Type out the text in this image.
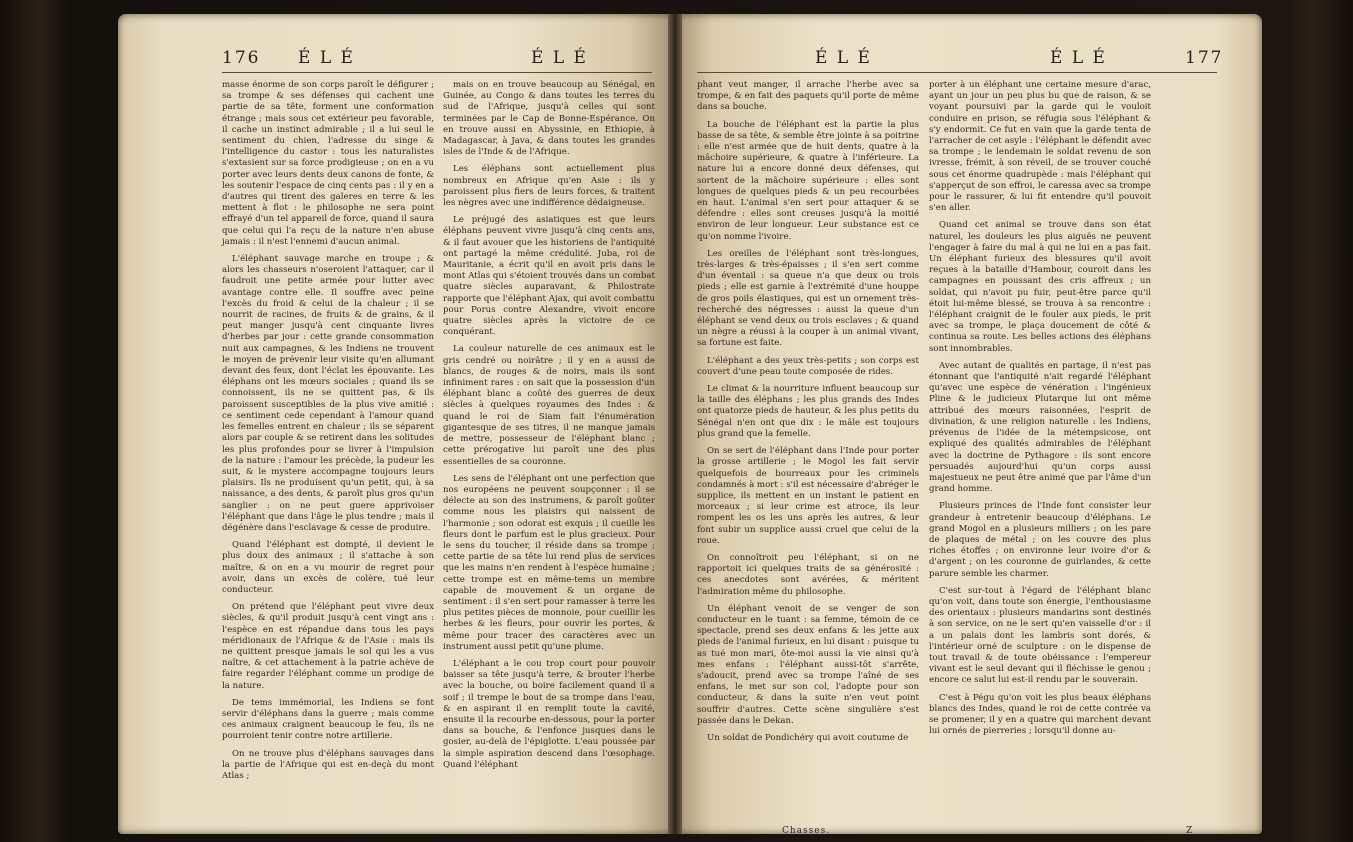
176 É L É	É L É	É L É	É L É	177

masse énorme de son corps paroît le défigurer ; sa trompe & ses défenses qui cachent une partie de sa tête, forment une conformation étrange ; mais sous cet extérieur peu favorable, il cache un instinct admirable ; il a lui seul le sentiment du chien, l'adresse du singe & l'intelligence du castor : tous les naturalistes s'extasient sur sa force prodigieuse ; on en a vu porter avec leurs dents deux canons de fonte, & les soutenir l'espace de cinq cents pas : il y en a d'autres qui tirent des galeres en terre & les mettent à flot : le philosophe ne sera point effrayé d'un tel appareil de force, quand il saura que celui qui l'a reçu de la nature n'en abuse jamais : il n'est l'ennemi d'aucun animal.

L'éléphant sauvage marche en troupe ; & alors les chasseurs n'oseroient l'attaquer, car il faudroit une petite armée pour lutter avec avantage contre elle. Il souffre avec peine l'excès du froid & celui de la chaleur ; il se nourrit de racines, de fruits & de grains, & il peut manger jusqu'à cent cinquante livres d'herbes par jour : cette grande consommation nuit aux campagnes, & les Indiens ne trouvent le moyen de prévenir leur visite qu'en allumant devant des feux, dont l'éclat les épouvante. Les éléphans ont les mœurs sociales ; quand ils se connoissent, ils ne se quittent pas, & ils paroissent susceptibles de la plus vive amitié : ce sentiment cede cependant à l'amour quand les femelles entrent en chaleur ; ils se séparent alors par couple & se retirent dans les solitudes les plus profondes pour se livrer à l'impulsion de la nature : l'amour les précède, la pudeur les suit, & le mystere accompagne toujours leurs plaisirs. Ils ne produisent qu'un petit, qui, à sa naissance, a des dents, & paroît plus gros qu'un sanglier : on ne peut guere apprivoiser l'éléphant que dans l'âge le plus tendre ; mais il dégénère dans l'esclavage & cesse de produire.

Quand l'éléphant est dompté, il devient le plus doux des animaux ; il s'attache à son maître, & on en a vu mourir de regret pour avoir, dans un excès de colère, tué leur conducteur.

On prétend que l'éléphant peut vivre deux siècles, & qu'il produit jusqu'à cent vingt ans : l'espèce en est répandue dans tous les pays méridionaux de l'Afrique & de l'Asie : mais ils ne quittent presque jamais le sol qui les a vus naître, & cet attachement à la patrie achève de faire regarder l'éléphant comme un prodige de la nature.

De tems immémorial, les Indiens se font servir d'éléphans dans la guerre ; mais comme ces animaux craignent beaucoup le feu, ils ne pourroient tenir contre notre artillerie.

On ne trouve plus d'éléphans sauvages dans la partie de l'Afrique qui est en-deçà du mont Atlas ;

mais on en trouve beaucoup au Sénégal, en Guinée, au Congo & dans toutes les terres du sud de l'Afrique, jusqu'à celles qui sont terminées par le Cap de Bonne-Espérance. On en trouve aussi en Abyssinie, en Ethiopie, à Madagascar, à Java, & dans toutes les grandes isles de l'Inde & de l'Afrique.

Les éléphans sont actuellement plus nombreux en Afrique qu'en Asie : ils y paroissent plus fiers de leurs forces, & traitent les nègres avec une indifférence dédaigneuse.

Le préjugé des asiatiques est que leurs éléphans peuvent vivre jusqu'à cinq cents ans, & il faut avouer que les historiens de l'antiquité ont partagé la même crédulité. Juba, roi de Mauritanie, a écrit qu'il en avoit pris dans le mont Atlas qui s'étoient trouvés dans un combat quatre siècles auparavant, & Philostrate rapporte que l'éléphant Ajax, qui avoit combattu pour Porus contre Alexandre, vivoit encore quatre siècles après la victoire de ce conquérant.

La couleur naturelle de ces animaux est le gris cendré ou noirâtre ; il y en a aussi de blancs, de rouges & de noirs, mais ils sont infiniment rares : on sait que la possession d'un éléphant blanc a coûté des guerres de deux siècles à quelques royaumes des Indes : & quand le roi de Siam fait l'énumération gigantesque de ses titres, il ne manque jamais de mettre, possesseur de l'éléphant blanc ; cette prérogative lui paroît une des plus essentielles de sa couronne.

Les sens de l'éléphant ont une perfection que nos européens ne peuvent soupçonner : il se délecte au son des instrumens, & paroît goûter comme nous les plaisirs qui naissent de l'harmonie ; son odorat est exquis ; il cueille les fleurs dont le parfum est le plus gracieux. Pour le sens du toucher, il réside dans sa trompe ; cette partie de sa tête lui rend plus de services que les mains n'en rendent à l'espèce humaine ; cette trompe est en même-tems un membre capable de mouvement & un organe de sentiment : il s'en sert pour ramasser à terre les plus petites pièces de monnoie, pour cueillir les herbes & les fleurs, pour ouvrir les portes, & même pour tracer des caractères avec un instrument aussi petit qu'une plume.

L'éléphant a le cou trop court pour pouvoir baisser sa tête jusqu'à terre, & brouter l'herbe avec la bouche, ou boire facilement quand il a soif ; il trempe le bout de sa trompe dans l'eau, & en aspirant il en remplit toute la cavité, ensuite il la recourbe en-dessous, pour la porter dans sa bouche, & l'enfonce jusques dans le gosier, au-delà de l'épiglotte. L'eau poussée par la simple aspiration descend dans l'œsophage. Quand l'éléphant

phant veut manger, il arrache l'herbe avec sa trompe, & en fait des paquets qu'il porte de même dans sa bouche.

La bouche de l'éléphant est la partie la plus basse de sa tête, & semble être jointe à sa poitrine : elle n'est armée que de huit dents, quatre à la mâchoire supérieure, & quatre à l'inférieure. La nature lui a encore donné deux défenses, qui sortent de la mâchoire supérieure : elles sont longues de quelques pieds & un peu recourbées en haut. L'animal s'en sert pour attaquer & se défendre : elles sont creuses jusqu'à la moitié environ de leur longueur. Leur substance est ce qu'on nomme l'ivoire.

Les oreilles de l'éléphant sont très-longues, très-larges & très-épaisses ; il s'en sert comme d'un éventail : sa queue n'a que deux ou trois pieds ; elle est garnie à l'extrémité d'une houppe de gros poils élastiques, qui est un ornement très-recherché des négresses : aussi la queue d'un éléphant se vend deux ou trois esclaves ; & quand un nègre a réussi à la couper à un animal vivant, sa fortune est faite.

L'éléphant a des yeux très-petits ; son corps est couvert d'une peau toute composée de rides.

Le climat & la nourriture influent beaucoup sur la taille des éléphans ; les plus grands des Indes ont quatorze pieds de hauteur, & les plus petits du Sénégal n'en ont que dix : le mâle est toujours plus grand que la femelle.

On se sert de l'éléphant dans l'Inde pour porter la grosse artillerie ; le Mogol les fait servir quelquefois de bourreaux pour les criminels condamnés à mort : s'il est nécessaire d'abréger le supplice, ils mettent en un instant le patient en morceaux ; si leur crime est atroce, ils leur rompent les os les uns après les autres, & leur font subir un supplice aussi cruel que celui de la roue.

On connoîtroit peu l'éléphant, si on ne rapportoit ici quelques traits de sa générosité : ces anecdotes sont avérées, & méritent l'admiration même du philosophe.

Un éléphant venoit de se venger de son conducteur en le tuant : sa femme, témoin de ce spectacle, prend ses deux enfans & les jette aux pieds de l'animal furieux, en lui disant : puisque tu as tué mon mari, ôte-moi aussi la vie ainsi qu'à mes enfans : l'éléphant aussi-tôt s'arrête, s'adoucit, prend avec sa trompe l'aîné de ses enfans, le met sur son col, l'adopte pour son conducteur, & dans la suite n'en veut point souffrir d'autres. Cette scène singulière s'est passée dans le Dekan.

Un soldat de Pondichéry qui avoit coutume de

porter à un éléphant une certaine mesure d'arac, ayant un jour un peu plus bu que de raison, & se voyant poursuivi par la garde qui le vouloit conduire en prison, se réfugia sous l'éléphant & s'y endormit. Ce fut en vain que la garde tenta de l'arracher de cet asyle : l'éléphant le défendit avec sa trompe ; le lendemain le soldat revenu de son ivresse, frémit, à son réveil, de se trouver couché sous cet énorme quadrupède : mais l'éléphant qui s'apperçut de son effroi, le caressa avec sa trompe pour le rassurer, & lui fit entendre qu'il pouvoit s'en aller.

Quand cet animal se trouve dans son état naturel, les douleurs les plus aiguës ne peuvent l'engager à faire du mal à qui ne lui en a pas fait. Un éléphant furieux des blessures qu'il avoit reçues à la bataille d'Hambour, couroit dans les campagnes en poussant des cris affreux ; un soldat, qui n'avoit pu fuir, peut-être parce qu'il étoit lui-même blessé, se trouva à sa rencontre : l'éléphant craignit de le fouler aux pieds, le prit avec sa trompe, le plaça doucement de côté & continua sa route. Les belles actions des éléphans sont innombrables.

Avec autant de qualités en partage, il n'est pas étonnant que l'antiquité n'ait regardé l'éléphant qu'avec une espèce de vénération : l'ingénieux Pline & le judicieux Plutarque lui ont même attribué des mœurs raisonnées, l'esprit de divination, & une religion naturelle : les Indiens, prévenus de l'idée de la métempsicose, ont expliqué des qualités admirables de l'éléphant avec la doctrine de Pythagore : ils sont encore persuadés aujourd'hui qu'un corps aussi majestueux ne peut être animé que par l'âme d'un grand homme.

Plusieurs princes de l'Inde font consister leur grandeur à entretenir beaucoup d'éléphans. Le grand Mogol en a plusieurs milliers ; on les pare de plaques de métal ; on les couvre des plus riches étoffes ; on environne leur ivoire d'or & d'argent ; on les couronne de guirlandes, & cette parure semble les charmer.

C'est sur-tout à l'égard de l'éléphant blanc qu'on voit, dans toute son énergie, l'enthousiasme des orientaux : plusieurs mandarins sont destinés à son service, on ne le sert qu'en vaisselle d'or : il a un palais dont les lambris sont dorés, & l'intérieur orné de sculpture : on le dispense de tout travail & de toute obéissance : l'empereur vivant est le seul devant qui il fléchisse le genou ; encore ce salut lui est-il rendu par le souverain.

C'est à Pégu qu'on voit les plus beaux éléphans blancs des Indes, quand le roi de cette contrée va se promener, il y en a quatre qui marchent devant lui ornés de pierreries ; lorsqu'il donne au-

Chasses.	Z
